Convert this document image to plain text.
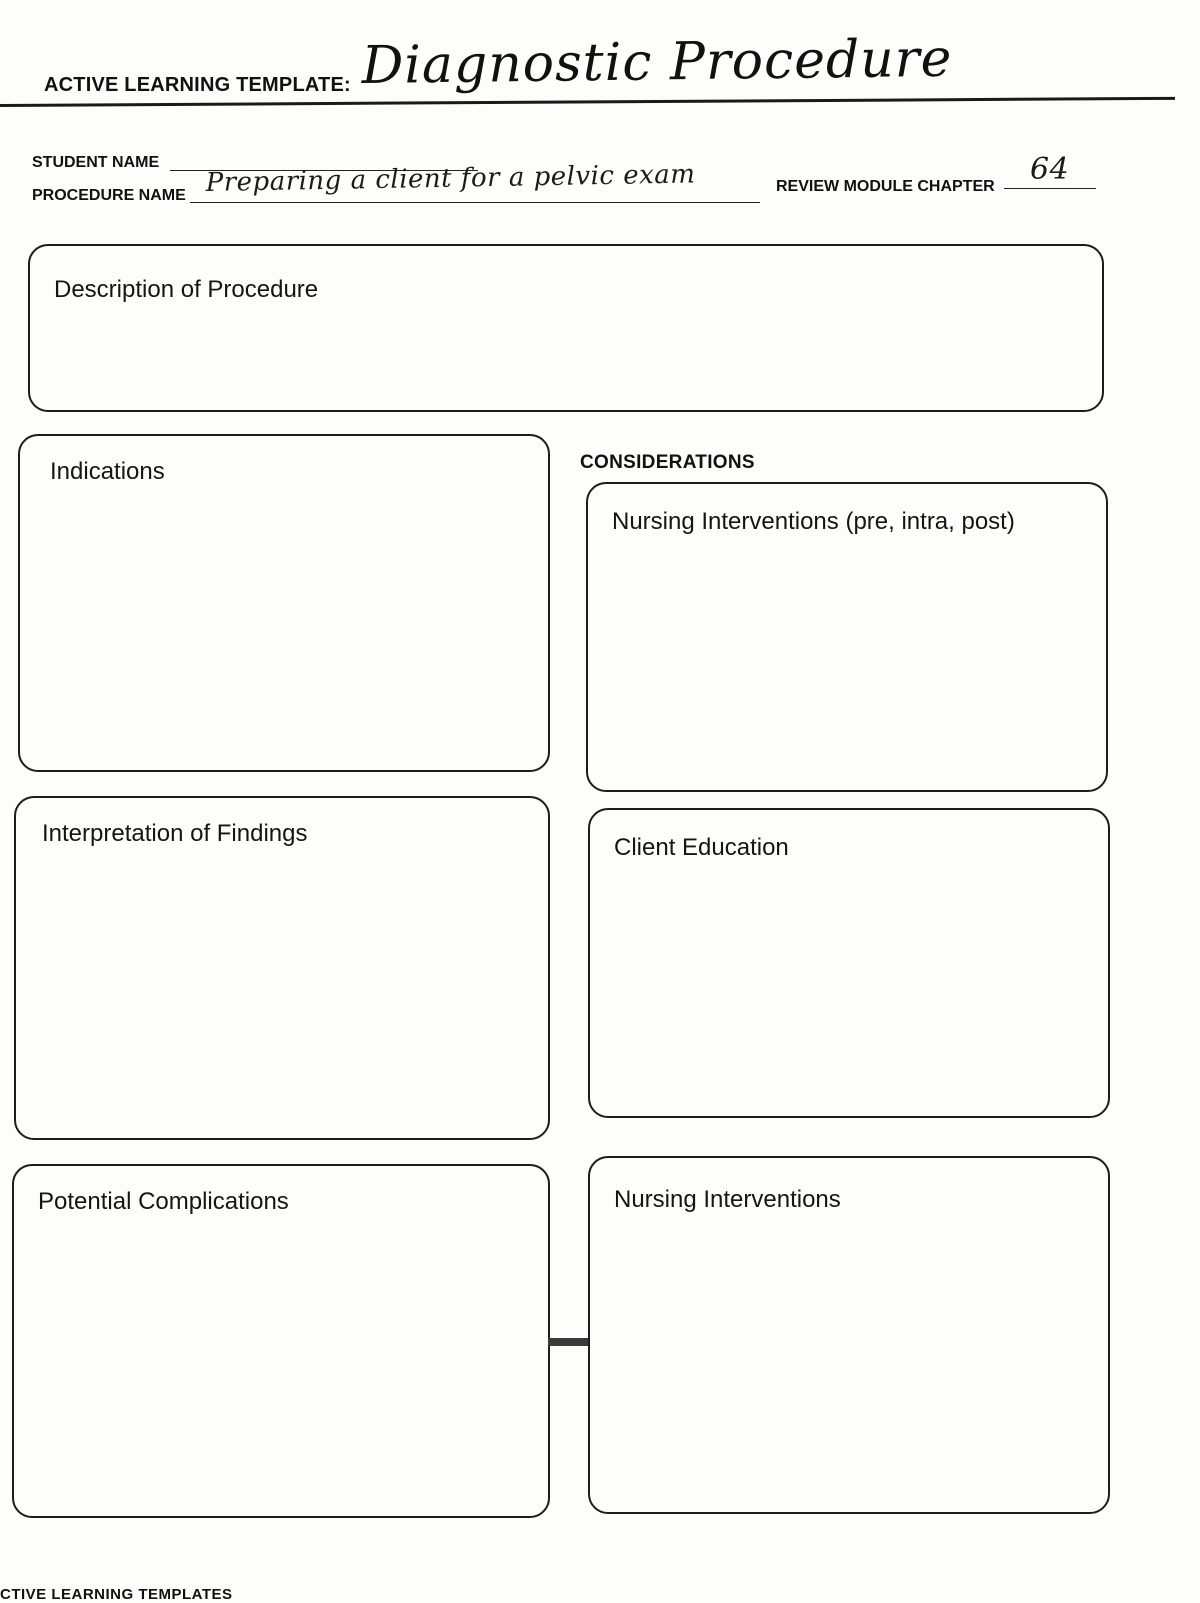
ACTIVE LEARNING TEMPLATE: Diagnostic Procedure
STUDENT NAME
PROCEDURE NAME Preparing a client for a pelvic exam	REVIEW MODULE CHAPTER 64
Description of Procedure
Indications	CONSIDERATIONS
Nursing Interventions (pre, intra, post)
Interpretation of Findings
Client Education
Potential Complications	Nursing Interventions
CTIVE LEARNING TEMPLATES
